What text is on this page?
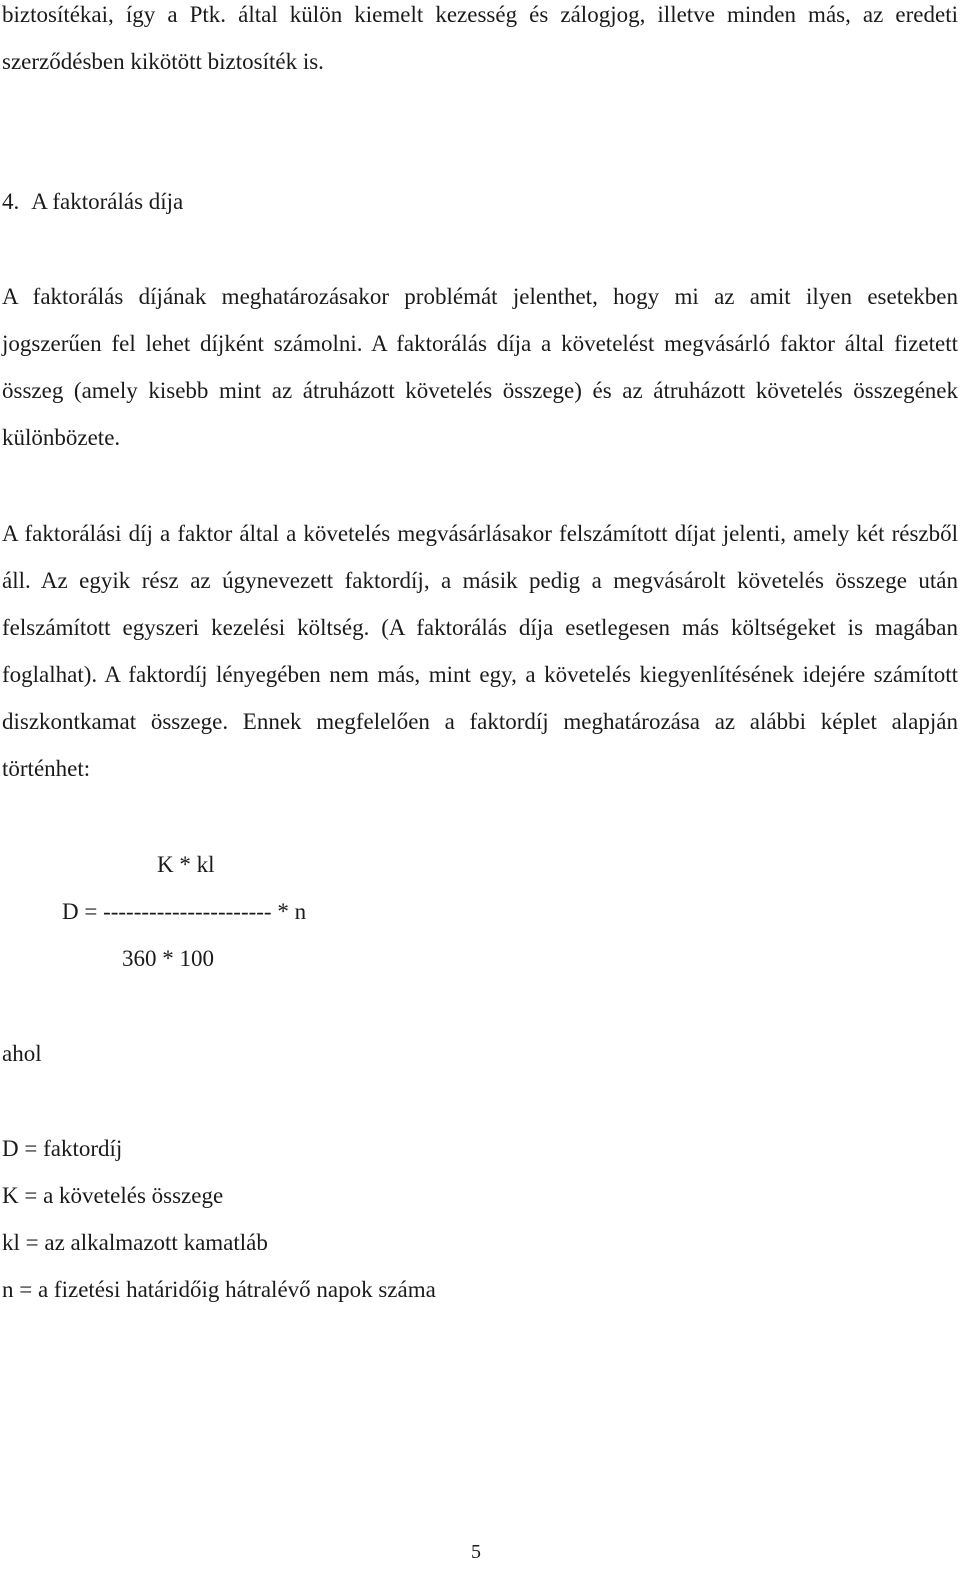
biztosítékai, így a Ptk. által külön kiemelt kezesség és zálogjog, illetve minden más, az eredeti szerződésben kikötött biztosíték is.

4. A faktorálás díja

A faktorálás díjának meghatározásakor problémát jelenthet, hogy mi az amit ilyen esetekben jogszerűen fel lehet díjként számolni. A faktorálás díja a követelést megvásárló faktor által fizetett összeg (amely kisebb mint az átruházott követelés összege) és az átruházott követelés összegének különbözete.

A faktorálási díj a faktor által a követelés megvásárlásakor felszámított díjat jelenti, amely két részből áll. Az egyik rész az úgynevezett faktordíj, a másik pedig a megvásárolt követelés összege után felszámított egyszeri kezelési költség. (A faktorálás díja esetlegesen más költségeket is magában foglalhat). A faktordíj lényegében nem más, mint egy, a követelés kiegyenlítésének idejére számított diszkontkamat összege. Ennek megfelelően a faktordíj meghatározása az alábbi képlet alapján történhet:

K * kl
D = ---------------------- * n
360 * 100
ahol
D = faktordíj
K = a követelés összege
kl = az alkalmazott kamatláb
n = a fizetési határidőig hátralévő napok száma
5
